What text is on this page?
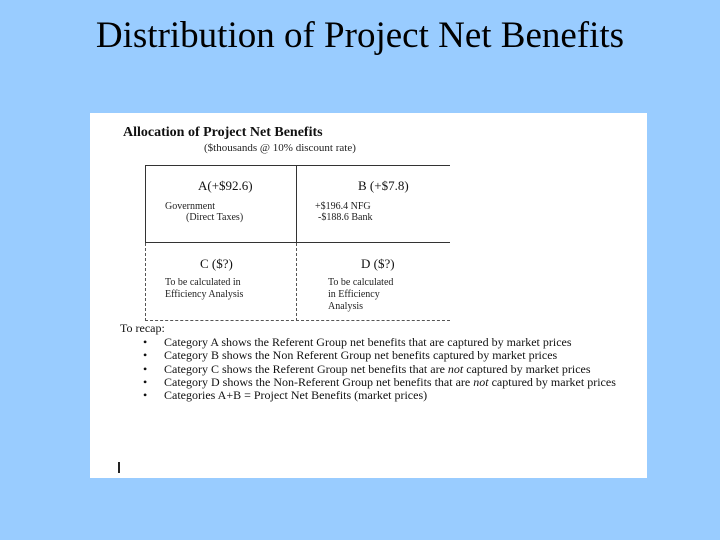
Distribution of Project Net Benefits
Allocation of Project Net Benefits
($thousands @ 10% discount rate)
A(+$92.6)
Government
(Direct Taxes)
B (+$7.8)
+$196.4 NFG
-$188.6 Bank
C ($?)
To be calculated in
Efficiency Analysis
D ($?)
To be calculated
in Efficiency
Analysis
To recap:
• Category A shows the Referent Group net benefits that are captured by market prices
• Category B shows the Non Referent Group net benefits captured by market prices
• Category C shows the Referent Group net benefits that are not captured by market prices
• Category D shows the Non-Referent Group net benefits that are not captured by market prices
• Categories A+B = Project Net Benefits (market prices)
